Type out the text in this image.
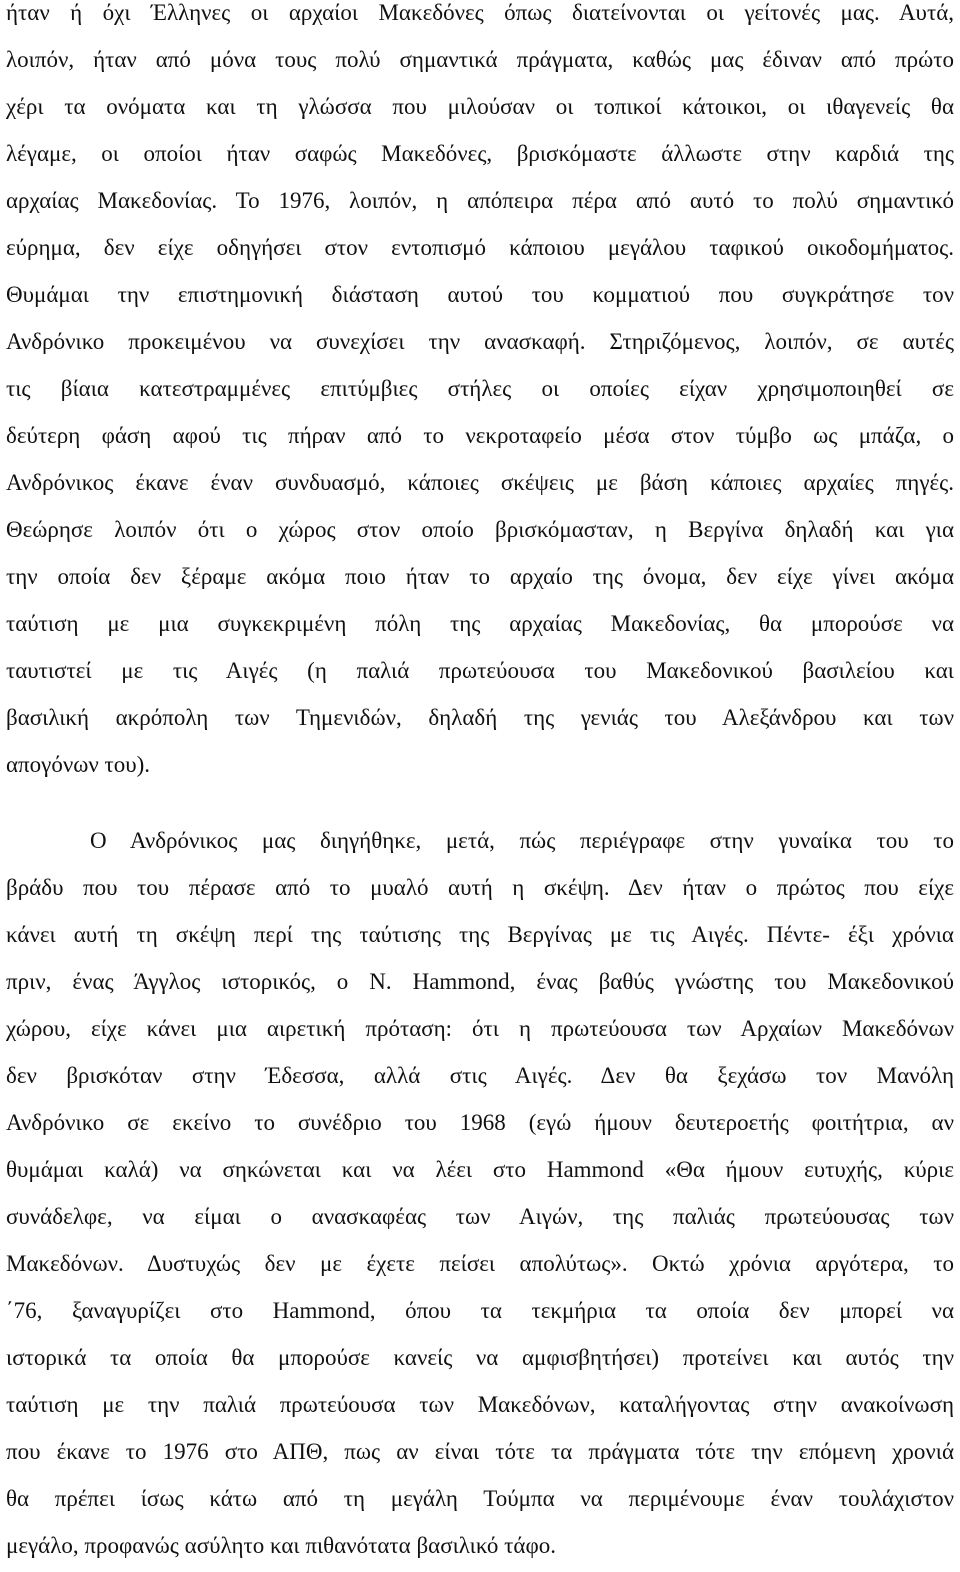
ήταν ή όχι Έλληνες οι αρχαίοι Μακεδόνες όπως διατείνονται οι γείτονές μας. Αυτά,
λοιπόν, ήταν από μόνα τους πολύ σημαντικά πράγματα, καθώς μας έδιναν από πρώτο
χέρι τα ονόματα και τη γλώσσα που μιλούσαν οι τοπικοί κάτοικοι, οι ιθαγενείς θα
λέγαμε, οι οποίοι ήταν σαφώς Μακεδόνες, βρισκόμαστε άλλωστε στην καρδιά της
αρχαίας Μακεδονίας. Το 1976, λοιπόν, η απόπειρα πέρα από αυτό το πολύ σημαντικό
εύρημα, δεν είχε οδηγήσει στον εντοπισμό κάποιου μεγάλου ταφικού οικοδομήματος.
Θυμάμαι την επιστημονική διάσταση αυτού του κομματιού που συγκράτησε τον
Ανδρόνικο προκειμένου να συνεχίσει την ανασκαφή. Στηριζόμενος, λοιπόν, σε αυτές
τις βίαια κατεστραμμένες επιτύμβιες στήλες οι οποίες είχαν χρησιμοποιηθεί σε
δεύτερη φάση αφού τις πήραν από το νεκροταφείο μέσα στον τύμβο ως μπάζα, ο
Ανδρόνικος έκανε έναν συνδυασμό, κάποιες σκέψεις με βάση κάποιες αρχαίες πηγές.
Θεώρησε λοιπόν ότι ο χώρος στον οποίο βρισκόμασταν, η Βεργίνα δηλαδή και για
την οποία δεν ξέραμε ακόμα ποιο ήταν το αρχαίο της όνομα, δεν είχε γίνει ακόμα
ταύτιση με μια συγκεκριμένη πόλη της αρχαίας Μακεδονίας, θα μπορούσε να
ταυτιστεί με τις Αιγές (η παλιά πρωτεύουσα του Μακεδονικού βασιλείου και
βασιλική ακρόπολη των Τημενιδών, δηλαδή της γενιάς του Αλεξάνδρου και των
απογόνων του).
Ο Ανδρόνικος μας διηγήθηκε, μετά, πώς περιέγραφε στην γυναίκα του το
βράδυ που του πέρασε από το μυαλό αυτή η σκέψη. Δεν ήταν ο πρώτος που είχε
κάνει αυτή τη σκέψη περί της ταύτισης της Βεργίνας με τις Αιγές. Πέντε- έξι χρόνια
πριν, ένας Άγγλος ιστορικός, ο Ν. Hammond, ένας βαθύς γνώστης του Μακεδονικού
χώρου, είχε κάνει μια αιρετική πρόταση: ότι η πρωτεύουσα των Αρχαίων Μακεδόνων
δεν βρισκόταν στην Έδεσσα, αλλά στις Αιγές. Δεν θα ξεχάσω τον Μανόλη
Ανδρόνικο σε εκείνο το συνέδριο του 1968 (εγώ ήμουν δευτεροετής φοιτήτρια, αν
θυμάμαι καλά) να σηκώνεται και να λέει στο Hammond «Θα ήμουν ευτυχής, κύριε
συνάδελφε, να είμαι ο ανασκαφέας των Αιγών, της παλιάς πρωτεύουσας των
Μακεδόνων. Δυστυχώς δεν με έχετε πείσει απολύτως». Οκτώ χρόνια αργότερα, το
΄76, ξαναγυρίζει στο Hammond, όπου τα τεκμήρια τα οποία δεν μπορεί να
ιστορικά τα οποία θα μπορούσε κανείς να αμφισβητήσει) προτείνει και αυτός την
ταύτιση με την παλιά πρωτεύουσα των Μακεδόνων, καταλήγοντας στην ανακοίνωση
που έκανε το 1976 στο ΑΠΘ, πως αν είναι τότε τα πράγματα τότε την επόμενη χρονιά
θα πρέπει ίσως κάτω από τη μεγάλη Τούμπα να περιμένουμε έναν τουλάχιστον
μεγάλο, προφανώς ασύλητο και πιθανότατα βασιλικό τάφο.
